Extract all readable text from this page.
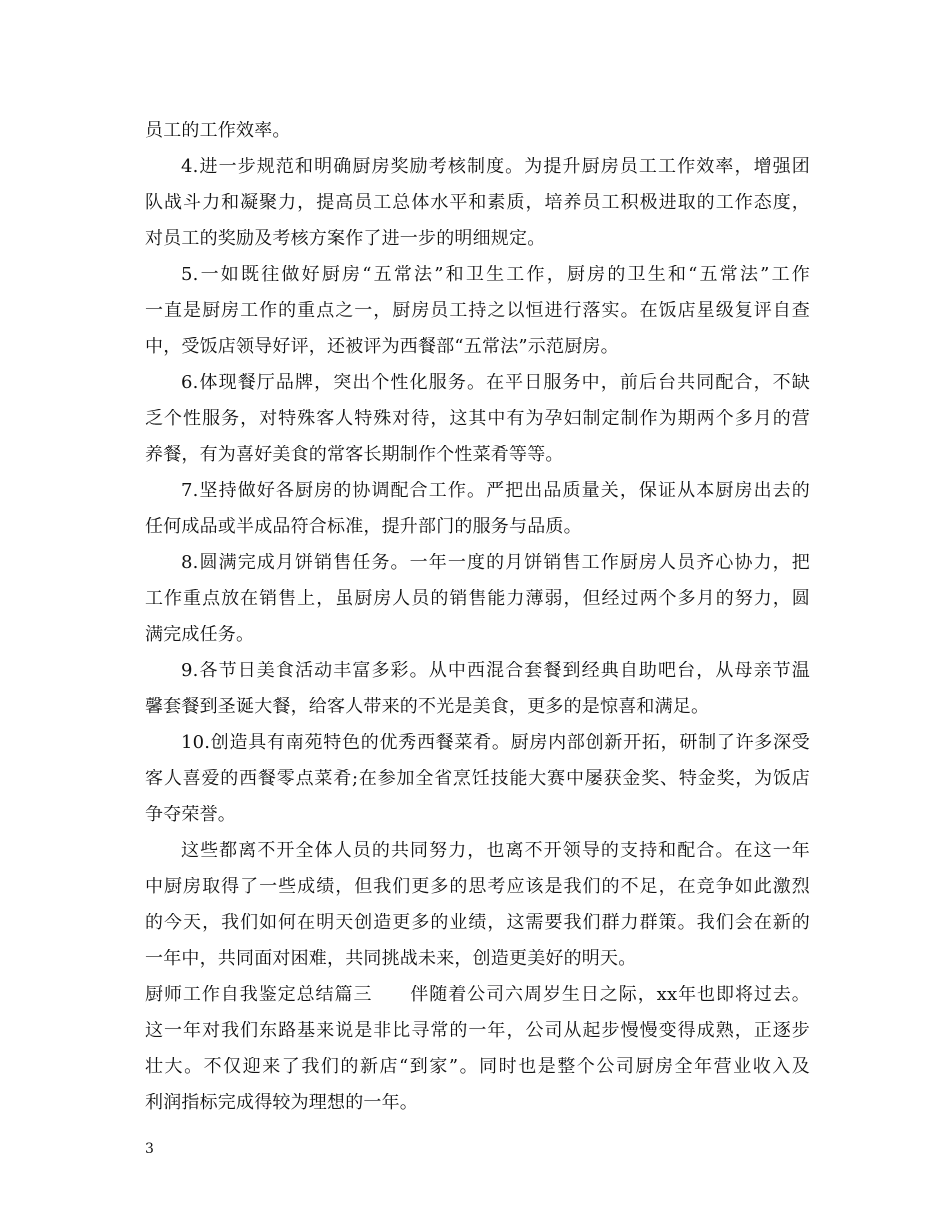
员工的工作效率。
4.进一步规范和明确厨房奖励考核制度。为提升厨房员工工作效率，增强团
队战斗力和凝聚力，提高员工总体水平和素质，培养员工积极进取的工作态度，
对员工的奖励及考核方案作了进一步的明细规定。
5.一如既往做好厨房“五常法”和卫生工作，厨房的卫生和“五常法”工作
一直是厨房工作的重点之一，厨房员工持之以恒进行落实。在饭店星级复评自查
中，受饭店领导好评，还被评为西餐部“五常法”示范厨房。
6.体现餐厅品牌，突出个性化服务。在平日服务中，前后台共同配合，不缺
乏个性服务，对特殊客人特殊对待，这其中有为孕妇制定制作为期两个多月的营
养餐，有为喜好美食的常客长期制作个性菜肴等等。
7.坚持做好各厨房的协调配合工作。严把出品质量关，保证从本厨房出去的
任何成品或半成品符合标准，提升部门的服务与品质。
8.圆满完成月饼销售任务。一年一度的月饼销售工作厨房人员齐心协力，把
工作重点放在销售上，虽厨房人员的销售能力薄弱，但经过两个多月的努力，圆
满完成任务。
9.各节日美食活动丰富多彩。从中西混合套餐到经典自助吧台，从母亲节温
馨套餐到圣诞大餐，给客人带来的不光是美食，更多的是惊喜和满足。
10.创造具有南苑特色的优秀西餐菜肴。厨房内部创新开拓，研制了许多深受
客人喜爱的西餐零点菜肴;在参加全省烹饪技能大赛中屡获金奖、特金奖，为饭店
争夺荣誉。
这些都离不开全体人员的共同努力，也离不开领导的支持和配合。在这一年
中厨房取得了一些成绩，但我们更多的思考应该是我们的不足，在竞争如此激烈
的今天，我们如何在明天创造更多的业绩，这需要我们群力群策。我们会在新的
一年中，共同面对困难，共同挑战未来，创造更美好的明天。
厨师工作自我鉴定总结篇三　　伴随着公司六周岁生日之际，xx年也即将过去。
这一年对我们东路基来说是非比寻常的一年，公司从起步慢慢变得成熟，正逐步
壮大。不仅迎来了我们的新店“到家”。同时也是整个公司厨房全年营业收入及
利润指标完成得较为理想的一年。
3
